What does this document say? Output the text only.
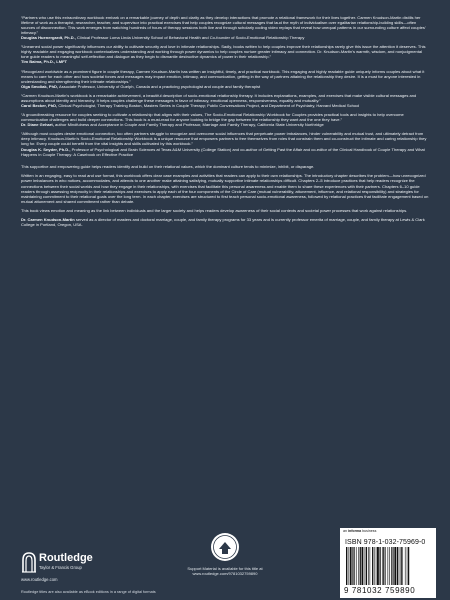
“Partners who use this extraordinary workbook embark on a remarkable journey of depth and clarity as they develop interactions that promote a relational framework for their lives together. Carmen Knudson-Martin distills her lifetime of work as a therapist, researcher, teacher, and supervisor into practical exercises that help couples recognize cultural messages that laud the myth of individualism over egalitarian relationship-building skills—often sources of disconnection. This work emerges from watching hundreds of hours of therapy sessions both live and through scholarly coding video replays that reveal how unequal patterns in our surrounding culture affect couples’ intimacy.”
Douglas Huenergardt, Ph.D., Clinical Professor Loma Linda University School of Behavioral Health and Co-founder of Socio-Emotional Relationship Therapy

“Unearned social power significantly influences our ability to cultivate security and love in intimate relationships. Sadly, books written to help couples improve their relationships rarely give this issue the attention it deserves. This highly readable and engaging workbook contextualizes understanding and working through power dynamics to help couples nurture greater intimacy and connection. Dr. Knudson-Martin’s warmth, wisdom, and nonjudgmental tone guide readers to meaningful self-reflection and dialogue as they begin to dismantle destructive dynamics of power in their relationship.”
Tim Baima, Ph.D., LMFT

“Recognized worldwide as a prominent figure in couple therapy, Carmen Knudson-Martin has written an insightful, timely, and practical workbook. This engaging and highly readable guide uniquely informs couples about what it means to care for each other and how societal forces and messages may impact emotion, intimacy, and communication, getting in the way of partners attaining the relationship they desire. It is a must for anyone interested in understanding and strengthening their intimate relationships.”
Olga Smoliak, PhD, Associate Professor, University of Guelph, Canada and a practicing psychologist and couple and family therapist

“Carmen Knudson-Martin’s workbook is a remarkable achievement, a beautiful description of socio-emotional relationship therapy. It includes explanations, examples, and exercises that make visible cultural messages and assumptions about identity and hierarchy. It helps couples challenge these messages in favor of intimacy, emotional openness, responsiveness, equality and mutuality.”
Carol Becker, PhD, Clinical Psychologist, Therapy Training Boston, Masters Series in Couple Therapy; Public Conversations Project, and Department of Psychiatry, Harvard Medical School

“A groundbreaking resource for couples seeking to cultivate a relationship that aligns with their values, The Socio-Emotional Relationship Workbook for Couples provides practical tools and insights to help overcome communication challenges and build deeper connections. This book is a must-read for anyone looking to bridge the gap between the relationship they want and the one they have.”
Dr. Diane Gehart, author Mindfulness and Acceptance in Couple and Family Therapy and Professor, Marriage and Family Therapy, California State University Northridge

“Although most couples desire emotional connection, too often partners struggle to recognize and overcome social influences that perpetuate power imbalances, hinder vulnerability and mutual trust, and ultimately detract from deep intimacy. Knudson-Martin’s Socio-Emotional Relationship Workbook is a unique resource that empowers partners to free themselves from roles that constrain them and co-construct the intimate and caring relationship they long for. Every couple could benefit from the vital insights and skills cultivated by this workbook.”
Douglas K. Snyder, Ph.D., Professor of Psychological and Brain Sciences at Texas A&M University (College Station) and co-author of Getting Past the Affair and co-editor of the Clinical Handbook of Couple Therapy and What Happens in Couple Therapy: A Casebook on Effective Practice

This supportive and empowering guide helps readers identify and build on their relational values, which the dominant culture tends to minimize, inhibit, or disparage.

Written in an engaging, easy to read and use format, this workbook offers clear case examples and activities that readers can apply to their own relationships. The introductory chapter describes the problem—how unrecognized power imbalances in who notices, accommodates, and attends to one another make attaining satisfying, mutually supportive intimate relationships difficult. Chapters 2–5 introduce practices that help readers recognize the connections between their social worlds and how they engage in their relationships, with exercises that facilitate this personal awareness and enable them to share these experiences with their partners. Chapters 6–10 guide readers through assessing reciprocity in their relationships and exercises to apply each of the four components of the Circle of Care (mutual vulnerability, attunement, influence, and relational responsibility) and strategies for maintaining commitment to their relational goals over the long term. In each chapter, exercises are structured to first teach personal socio-emotional awareness, followed by relational practices that facilitate engagement based on mutual attunement and shared commitment rather than debate.

This book views emotion and meaning as the link between individuals and the larger society and helps readers develop awareness of their social contexts and societal power processes that work against relationships.

Dr. Carmen Knudson-Martin served as a director of masters and doctoral marriage, couple, and family therapy programs for 33 years and is currently professor emerita of marriage, couple, and family therapy at Lewis & Clark College in Portland, Oregon, USA.

Routledge
Taylor & Francis Group
www.routledge.com
Routledge titles are also available as eBook editions in a range of digital formats
Support Material is available for this title at www.routledge.com/9781032759890
an informa business
ISBN 978-1-032-75969-0
9 781032 759890
